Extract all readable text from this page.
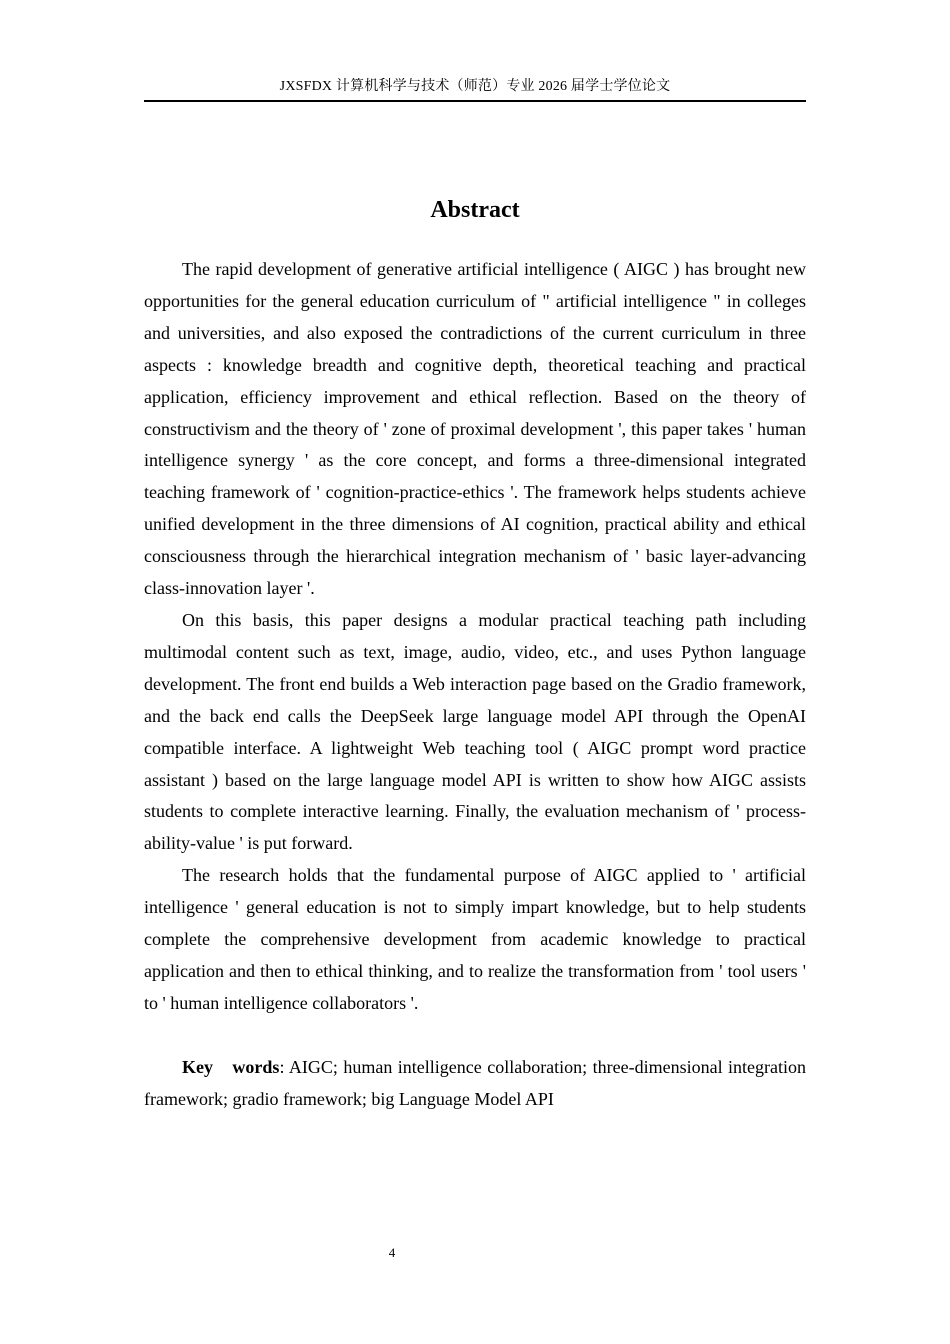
JXSFDX 计算机科学与技术（师范）专业 2026 届学士学位论文
Abstract

The rapid development of generative artificial intelligence ( AIGC ) has brought new opportunities for the general education curriculum of " artificial intelligence " in colleges and universities, and also exposed the contradictions of the current curriculum in three aspects : knowledge breadth and cognitive depth, theoretical teaching and practical application, efficiency improvement and ethical reflection. Based on the theory of constructivism and the theory of ' zone of proximal development ', this paper takes ' human intelligence synergy ' as the core concept, and forms a three-dimensional integrated teaching framework of ' cognition-practice-ethics '. The framework helps students achieve unified development in the three dimensions of AI cognition, practical ability and ethical consciousness through the hierarchical integration mechanism of ' basic layer-advancing class-innovation layer '.

On this basis, this paper designs a modular practical teaching path including multimodal content such as text, image, audio, video, etc., and uses Python language development. The front end builds a Web interaction page based on the Gradio framework, and the back end calls the DeepSeek large language model API through the OpenAI compatible interface. A lightweight Web teaching tool ( AIGC prompt word practice assistant ) based on the large language model API is written to show how AIGC assists students to complete interactive learning. Finally, the evaluation mechanism of ' process-ability-value ' is put forward.

The research holds that the fundamental purpose of AIGC applied to ' artificial intelligence ' general education is not to simply impart knowledge, but to help students complete the comprehensive development from academic knowledge to practical application and then to ethical thinking, and to realize the transformation from ' tool users ' to ' human intelligence collaborators '.

Key words: AIGC; human intelligence collaboration; three-dimensional integration framework; gradio framework; big Language Model API

4
